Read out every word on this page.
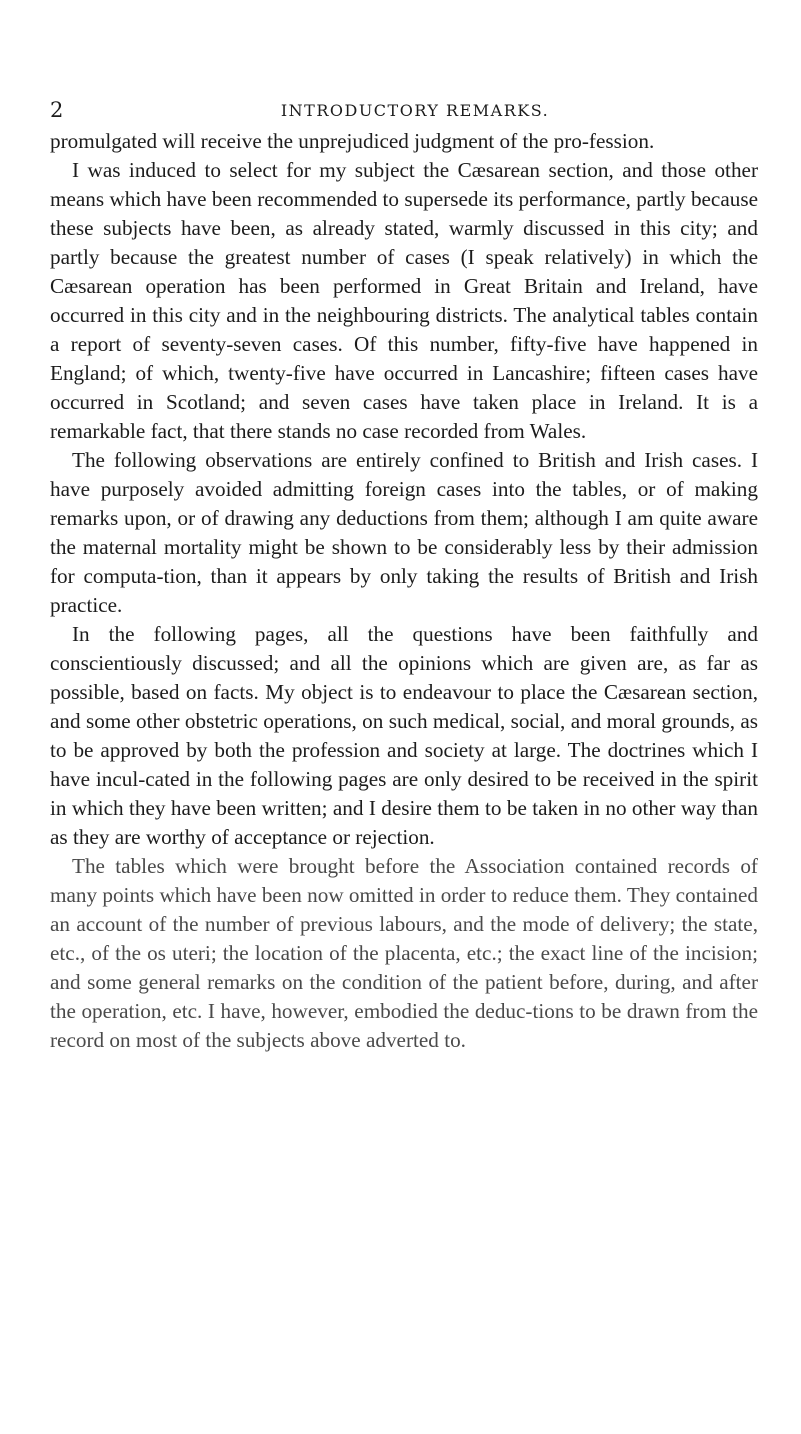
2	INTRODUCTORY REMARKS.

promulgated will receive the unprejudiced judgment of the pro-fession.

I was induced to select for my subject the Cæsarean section, and those other means which have been recommended to supersede its performance, partly because these subjects have been, as already stated, warmly discussed in this city; and partly because the greatest number of cases (I speak relatively) in which the Cæsarean operation has been performed in Great Britain and Ireland, have occurred in this city and in the neighbouring districts. The analytical tables contain a report of seventy-seven cases. Of this number, fifty-five have happened in England; of which, twenty-five have occurred in Lancashire; fifteen cases have occurred in Scotland; and seven cases have taken place in Ireland. It is a remarkable fact, that there stands no case recorded from Wales.

The following observations are entirely confined to British and Irish cases. I have purposely avoided admitting foreign cases into the tables, or of making remarks upon, or of drawing any deductions from them; although I am quite aware the maternal mortality might be shown to be considerably less by their admission for computa-tion, than it appears by only taking the results of British and Irish practice.

In the following pages, all the questions have been faithfully and conscientiously discussed; and all the opinions which are given are, as far as possible, based on facts. My object is to endeavour to place the Cæsarean section, and some other obstetric operations, on such medical, social, and moral grounds, as to be approved by both the profession and society at large. The doctrines which I have incul-cated in the following pages are only desired to be received in the spirit in which they have been written; and I desire them to be taken in no other way than as they are worthy of acceptance or rejection.

The tables which were brought before the Association contained records of many points which have been now omitted in order to reduce them. They contained an account of the number of previous labours, and the mode of delivery; the state, etc., of the os uteri; the location of the placenta, etc.; the exact line of the incision; and some general remarks on the condition of the patient before, during, and after the operation, etc. I have, however, embodied the deduc-tions to be drawn from the record on most of the subjects above adverted to.
